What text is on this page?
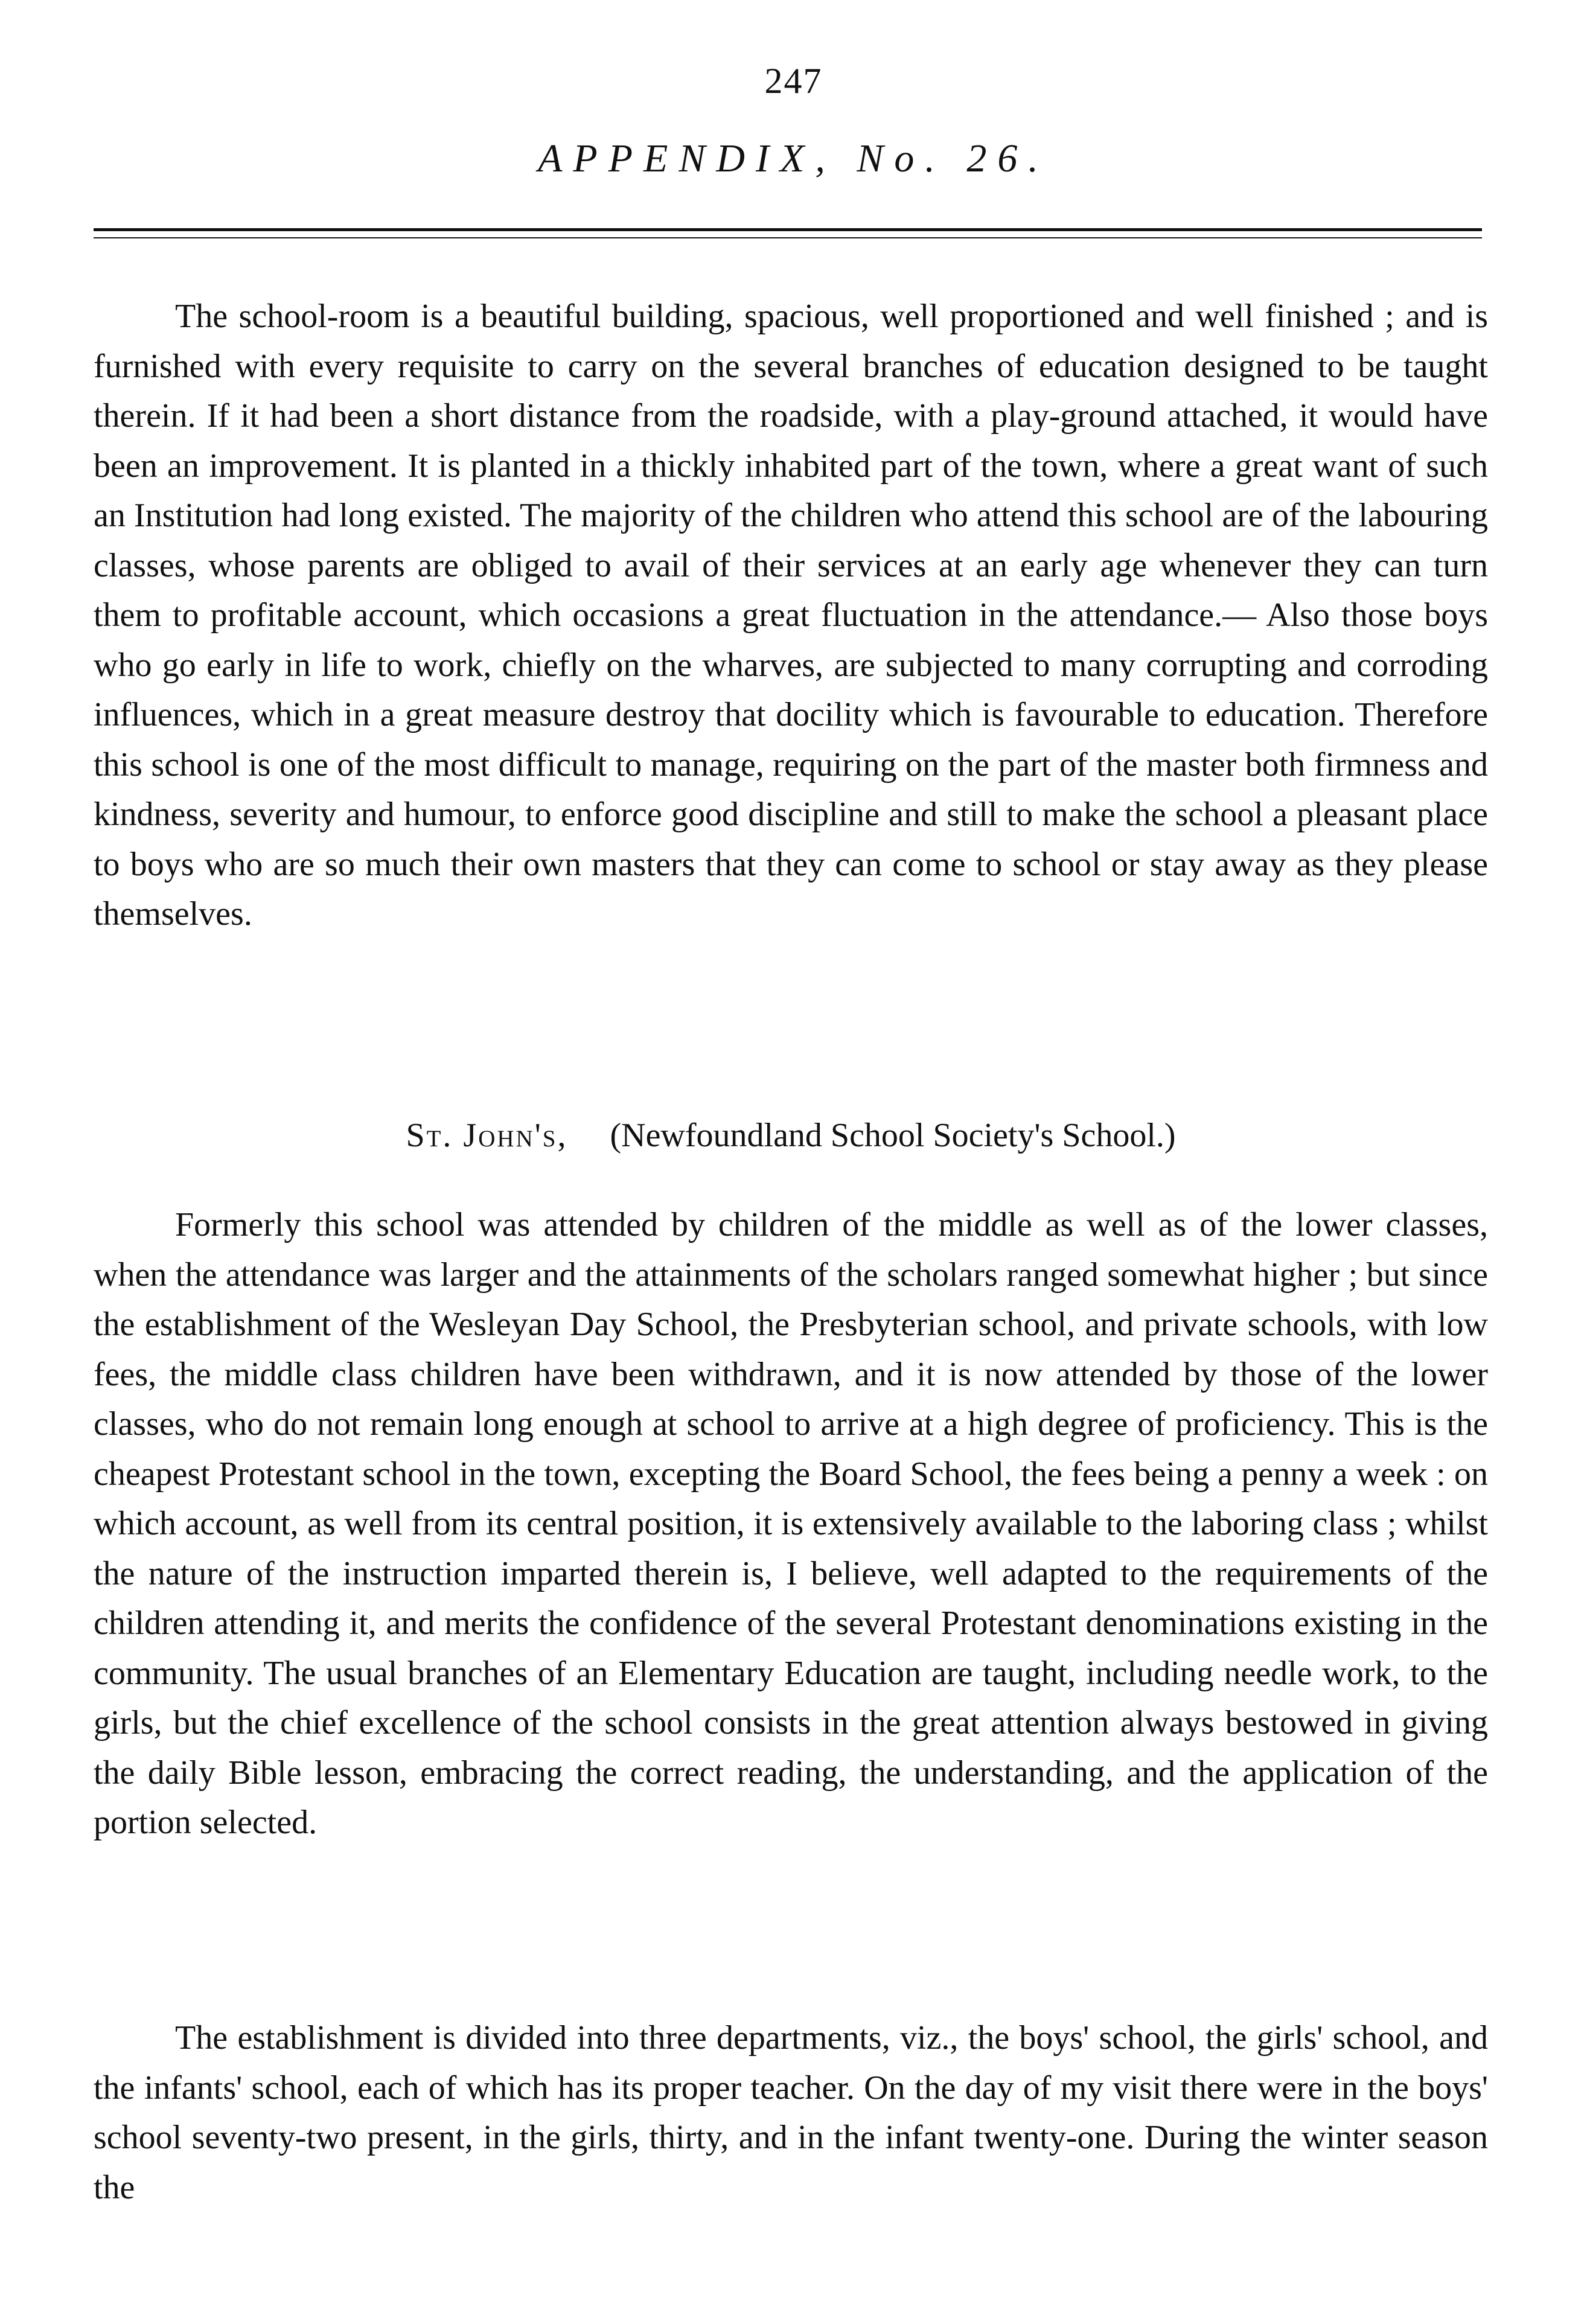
247
APPENDIX, No. 26.

The school-room is a beautiful building, spacious, well proportioned and well finished ; and is furnished with every requisite to carry on the several branches of education designed to be taught therein. If it had been a short distance from the roadside, with a play-ground attached, it would have been an improvement. It is planted in a thickly inhabited part of the town, where a great want of such an Institution had long existed. The majority of the children who attend this school are of the labouring classes, whose parents are obliged to avail of their services at an early age whenever they can turn them to profitable account, which occasions a great fluctuation in the attendance.— Also those boys who go early in life to work, chiefly on the wharves, are subjected to many corrupting and corroding influences, which in a great measure destroy that docility which is favourable to education. Therefore this school is one of the most difficult to manage, requiring on the part of the master both firmness and kindness, severity and humour, to enforce good discipline and still to make the school a pleasant place to boys who are so much their own masters that they can come to school or stay away as they please themselves.

St. John's, (Newfoundland School Society's School.)

Formerly this school was attended by children of the middle as well as of the lower classes, when the attendance was larger and the attainments of the scholars ranged somewhat higher ; but since the establishment of the Wesleyan Day School, the Presbyterian school, and private schools, with low fees, the middle class children have been withdrawn, and it is now attended by those of the lower classes, who do not remain long enough at school to arrive at a high degree of proficiency. This is the cheapest Protestant school in the town, excepting the Board School, the fees being a penny a week : on which account, as well from its central position, it is extensively available to the laboring class ; whilst the nature of the instruction imparted therein is, I believe, well adapted to the requirements of the children attending it, and merits the confidence of the several Protestant denominations existing in the community. The usual branches of an Elementary Education are taught, including needle work, to the girls, but the chief excellence of the school consists in the great attention always bestowed in giving the daily Bible lesson, embracing the correct reading, the understanding, and the application of the portion selected.

The establishment is divided into three departments, viz., the boys' school, the girls' school, and the infants' school, each of which has its proper teacher. On the day of my visit there were in the boys' school seventy-two present, in the girls, thirty, and in the infant twenty-one. During the winter season the
